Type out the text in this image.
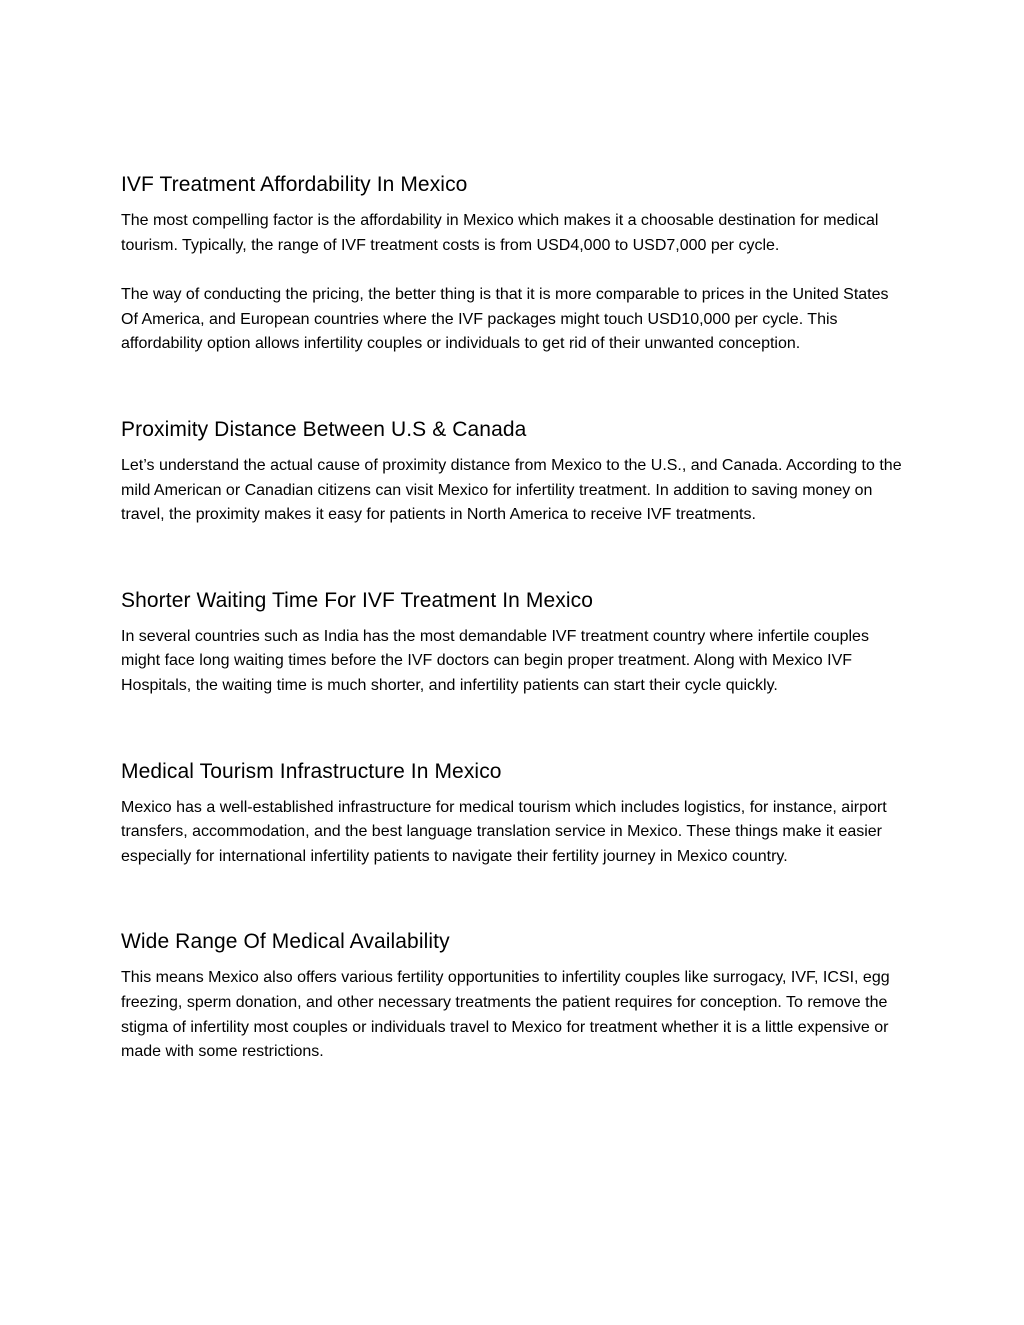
IVF Treatment Affordability In Mexico

The most compelling factor is the affordability in Mexico which makes it a choosable destination for medical tourism. Typically, the range of IVF treatment costs is from USD4,000 to USD7,000 per cycle.

The way of conducting the pricing, the better thing is that it is more comparable to prices in the United States Of America, and European countries where the IVF packages might touch USD10,000 per cycle. This affordability option allows infertility couples or individuals to get rid of their unwanted conception.

Proximity Distance Between U.S & Canada

Let’s understand the actual cause of proximity distance from Mexico to the U.S., and Canada. According to the mild American or Canadian citizens can visit Mexico for infertility treatment. In addition to saving money on travel, the proximity makes it easy for patients in North America to receive IVF treatments.

Shorter Waiting Time For IVF Treatment In Mexico

In several countries such as India has the most demandable IVF treatment country where infertile couples might face long waiting times before the IVF doctors can begin proper treatment. Along with Mexico IVF Hospitals, the waiting time is much shorter, and infertility patients can start their cycle quickly.

Medical Tourism Infrastructure In Mexico

Mexico has a well-established infrastructure for medical tourism which includes logistics, for instance, airport transfers, accommodation, and the best language translation service in Mexico. These things make it easier especially for international infertility patients to navigate their fertility journey in Mexico country.

Wide Range Of Medical Availability

This means Mexico also offers various fertility opportunities to infertility couples like surrogacy, IVF, ICSI, egg freezing, sperm donation, and other necessary treatments the patient requires for conception. To remove the stigma of infertility most couples or individuals travel to Mexico for treatment whether it is a little expensive or made with some restrictions.
